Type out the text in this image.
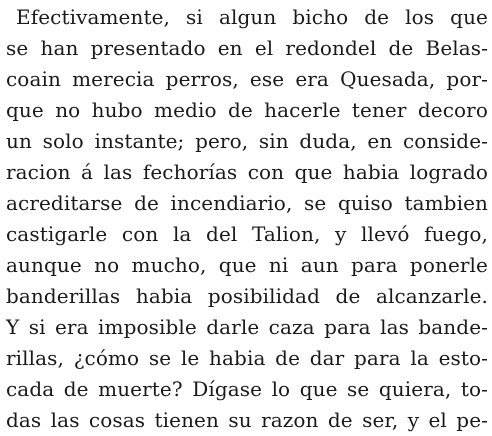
Efectivamente, si algun bicho de los que
se han presentado en el redondel de Belas-
coain merecia perros, ese era Quesada, por-
que no hubo medio de hacerle tener decoro
un solo instante; pero, sin duda, en conside-
racion á las fechorías con que habia logrado
acreditarse de incendiario, se quiso tambien
castigarle con la del Talion, y llevó fuego,
aunque no mucho, que ni aun para ponerle
banderillas habia posibilidad de alcanzarle.
Y si era imposible darle caza para las bande-
rillas, ¿cómo se le habia de dar para la esto-
cada de muerte? Dígase lo que se quiera, to-
das las cosas tienen su razon de ser, y el pe-
